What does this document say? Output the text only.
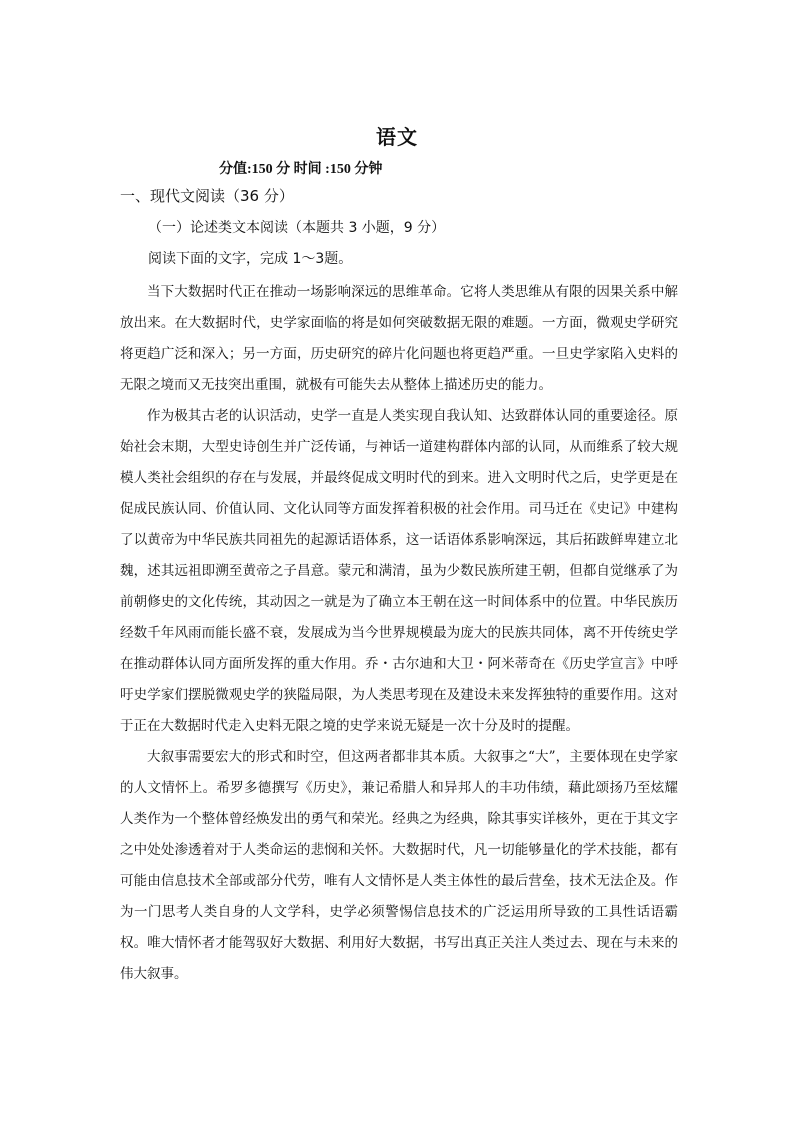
语文
分值:150 分 时间 :150 分钟
一、现代文阅读（36 分）
（一）论述类文本阅读（本题共 3 小题，9 分）
阅读下面的文字，完成 1～3题。

当下大数据时代正在推动一场影响深远的思维革命。它将人类思维从有限的因果关系中解放出来。在大数据时代，史学家面临的将是如何突破数据无限的难题。一方面，微观史学研究将更趋广泛和深入；另一方面，历史研究的碎片化问题也将更趋严重。一旦史学家陷入史料的无限之境而又无技突出重围，就极有可能失去从整体上描述历史的能力。

作为极其古老的认识活动，史学一直是人类实现自我认知、达致群体认同的重要途径。原始社会末期，大型史诗创生并广泛传诵，与神话一道建构群体内部的认同，从而维系了较大规模人类社会组织的存在与发展，并最终促成文明时代的到来。进入文明时代之后，史学更是在促成民族认同、价值认同、文化认同等方面发挥着积极的社会作用。司马迁在《史记》中建构了以黄帝为中华民族共同祖先的起源话语体系，这一话语体系影响深远，其后拓跋鲜卑建立北魏，述其远祖即溯至黄帝之子昌意。蒙元和满清，虽为少数民族所建王朝，但都自觉继承了为前朝修史的文化传统，其动因之一就是为了确立本王朝在这一时间体系中的位置。中华民族历经数千年风雨而能长盛不衰，发展成为当今世界规模最为庞大的民族共同体，离不开传统史学在推动群体认同方面所发挥的重大作用。乔・古尔迪和大卫・阿米蒂奇在《历史学宣言》中呼吁史学家们摆脱微观史学的狭隘局限，为人类思考现在及建设未来发挥独特的重要作用。这对于正在大数据时代走入史料无限之境的史学来说无疑是一次十分及时的提醒。

大叙事需要宏大的形式和时空，但这两者都非其本质。大叙事之“大”，主要体现在史学家的人文情怀上。希罗多德撰写《历史》，兼记希腊人和异邦人的丰功伟绩，藉此颂扬乃至炫耀人类作为一个整体曾经焕发出的勇气和荣光。经典之为经典，除其事实详核外，更在于其文字之中处处渗透着对于人类命运的悲悯和关怀。大数据时代，凡一切能够量化的学术技能，都有可能由信息技术全部或部分代劳，唯有人文情怀是人类主体性的最后营垒，技术无法企及。作为一门思考人类自身的人文学科，史学必须警惕信息技术的广泛运用所导致的工具性话语霸权。唯大情怀者才能驾驭好大数据、利用好大数据，书写出真正关注人类过去、现在与未来的伟大叙事。
